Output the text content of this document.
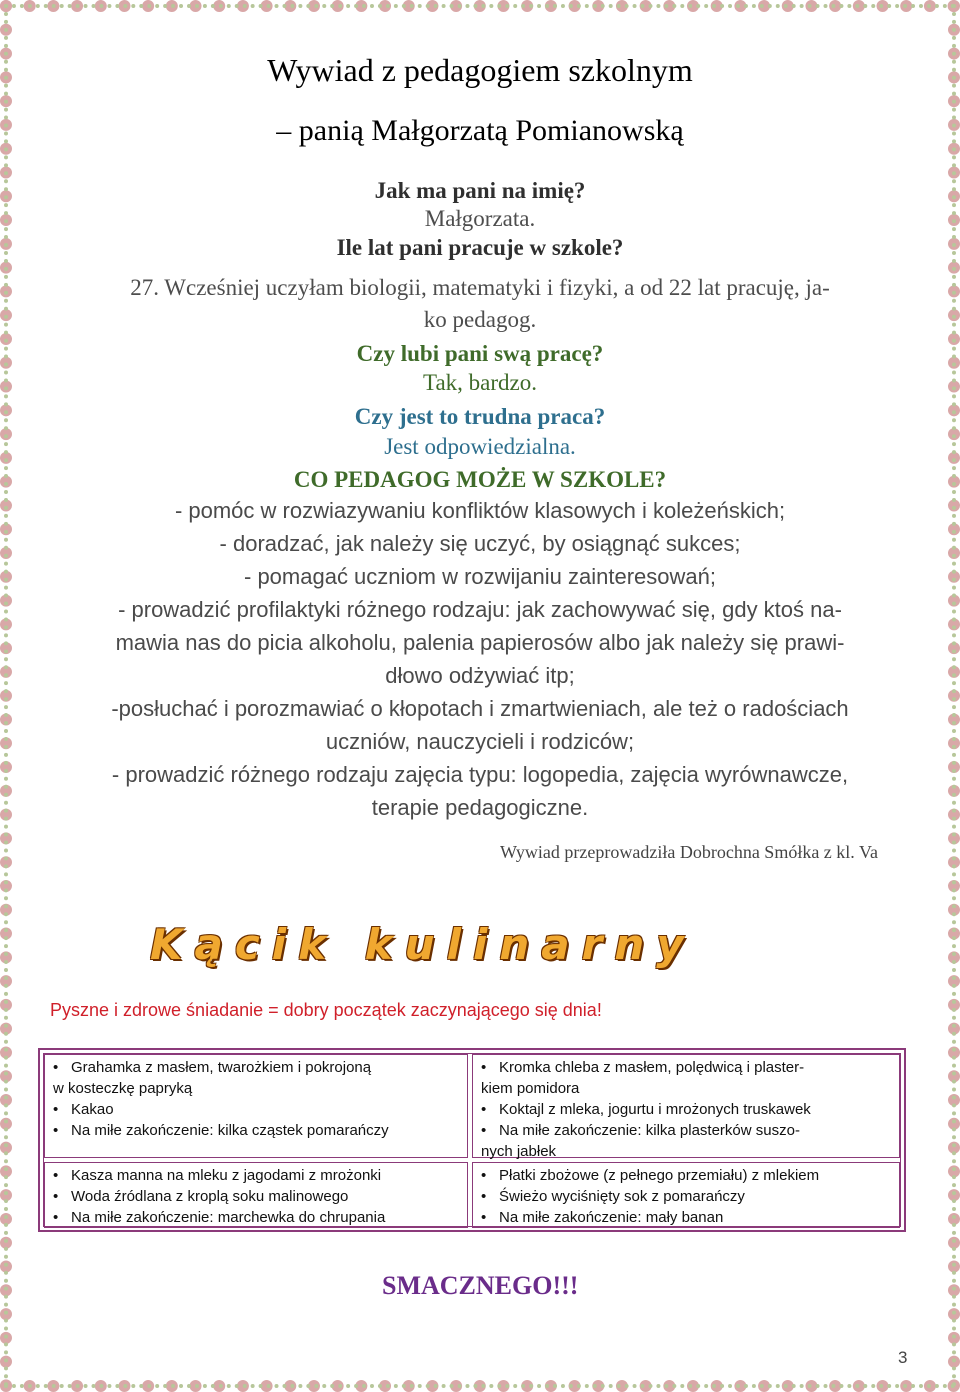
Wywiad z pedagogiem szkolnym
– panią Małgorzatą Pomianowską
Jak ma pani na imię?
Małgorzata.
Ile lat pani pracuje w szkole?
27. Wcześniej uczyłam biologii, matematyki i fizyki, a od 22 lat pracuję, ja-
ko pedagog.
Czy lubi pani swą pracę?
Tak, bardzo.
Czy jest to trudna praca?
Jest odpowiedzialna.
CO PEDAGOG MOŻE W SZKOLE?

- pomóc w rozwiazywaniu konfliktów klasowych i koleżeńskich;

- doradzać, jak należy się uczyć, by osiągnąć sukces;

- pomagać uczniom w rozwijaniu zainteresowań;

- prowadzić profilaktyki różnego rodzaju: jak zachowywać się, gdy ktoś na-

mawia nas do picia alkoholu, palenia papierosów albo jak należy się prawi-

dłowo odżywiać itp;

-posłuchać i porozmawiać o kłopotach i zmartwieniach, ale też o radościach

uczniów, nauczycieli i rodziców;

- prowadzić różnego rodzaju zajęcia typu: logopedia, zajęcia wyrównawcze,

terapie pedagogiczne.

Wywiad przeprowadziła Dobrochna Smółka z kl. Va
Kącik kulinarny
Pyszne i zdrowe śniadanie = dobry początek zaczynającego się dnia!
• Grahamka z masłem, twarożkiem i pokrojoną
w kosteczkę papryką
• Kakao
• Na miłe zakończenie: kilka cząstek pomarańczy
• Kromka chleba z masłem, polędwicą i plaster-
kiem pomidora
• Koktajl z mleka, jogurtu i mrożonych truskawek
• Na miłe zakończenie: kilka plasterków suszo-
nych jabłek
• Kasza manna na mleku z jagodami z mrożonki
• Woda źródlana z kroplą soku malinowego
• Na miłe zakończenie: marchewka do chrupania
• Płatki zbożowe (z pełnego przemiału) z mlekiem
• Świeżo wyciśnięty sok z pomarańczy
• Na miłe zakończenie: mały banan
SMACZNEGO!!!
3
